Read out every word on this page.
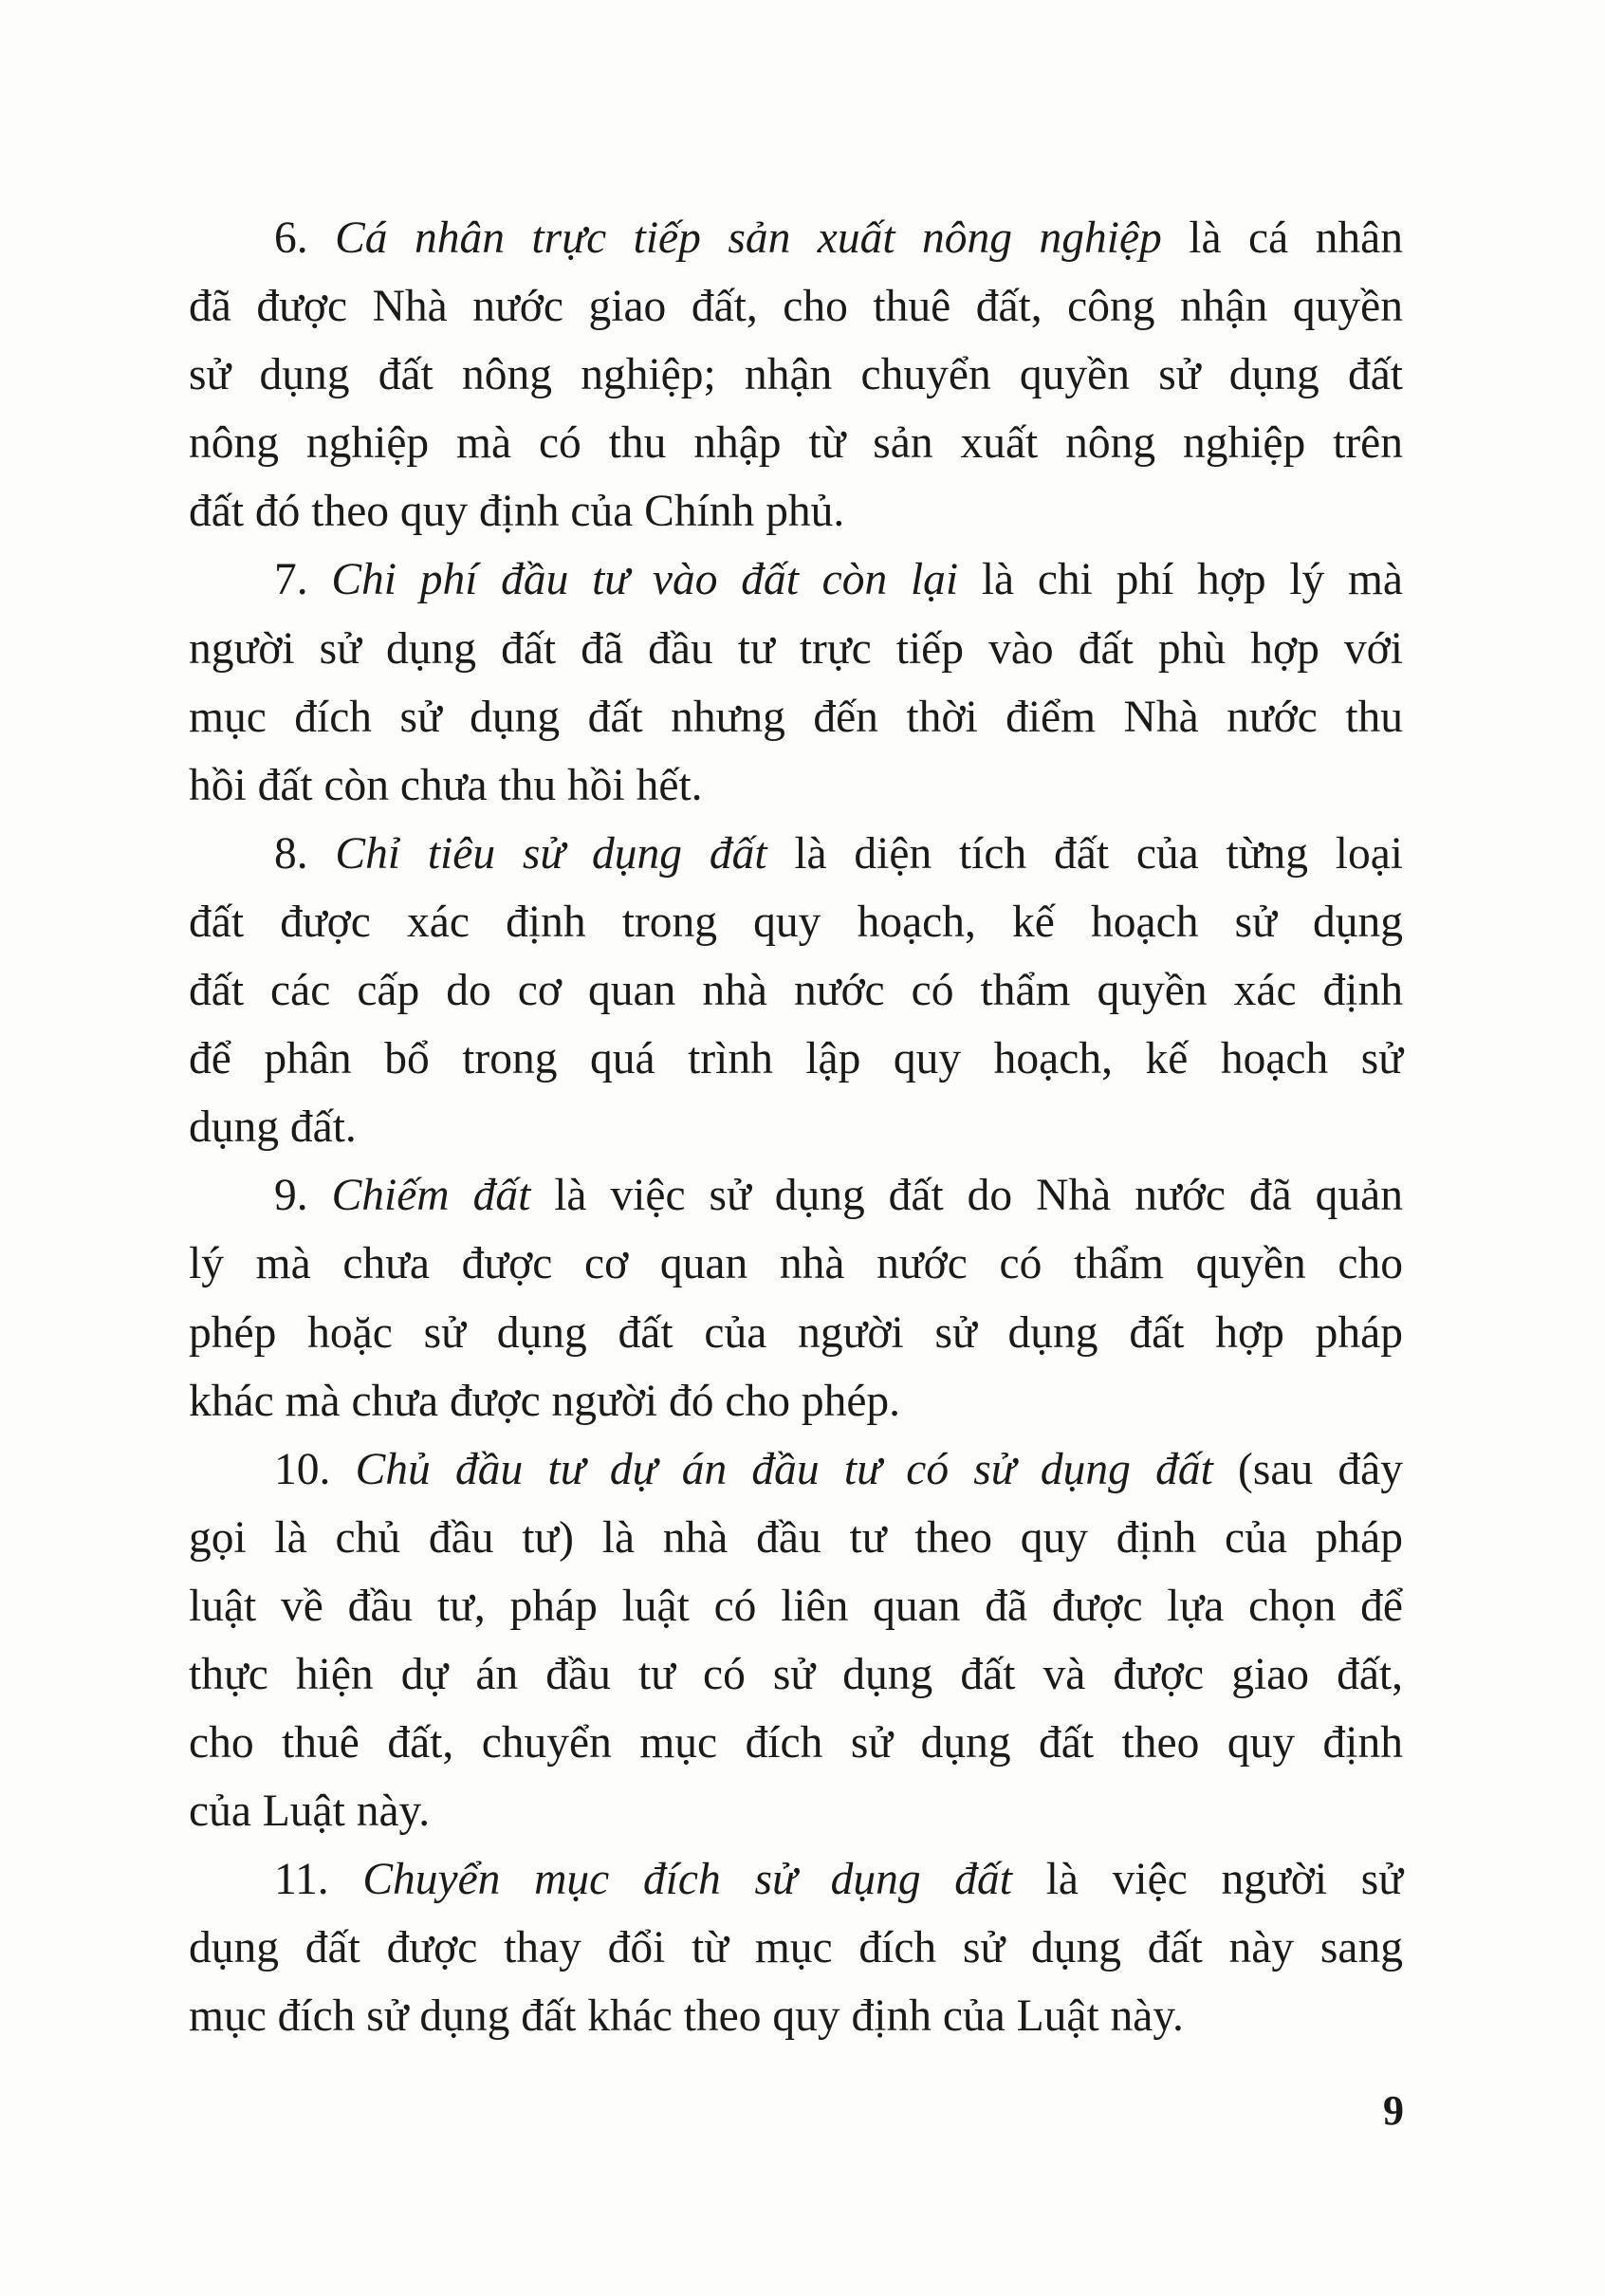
6. Cá nhân trực tiếp sản xuất nông nghiệp là cá nhân
đã được Nhà nước giao đất, cho thuê đất, công nhận quyền
sử dụng đất nông nghiệp; nhận chuyển quyền sử dụng đất
nông nghiệp mà có thu nhập từ sản xuất nông nghiệp trên
đất đó theo quy định của Chính phủ.
7. Chi phí đầu tư vào đất còn lại là chi phí hợp lý mà
người sử dụng đất đã đầu tư trực tiếp vào đất phù hợp với
mục đích sử dụng đất nhưng đến thời điểm Nhà nước thu
hồi đất còn chưa thu hồi hết.
8. Chỉ tiêu sử dụng đất là diện tích đất của từng loại
đất được xác định trong quy hoạch, kế hoạch sử dụng
đất các cấp do cơ quan nhà nước có thẩm quyền xác định
để phân bổ trong quá trình lập quy hoạch, kế hoạch sử
dụng đất.
9. Chiếm đất là việc sử dụng đất do Nhà nước đã quản
lý mà chưa được cơ quan nhà nước có thẩm quyền cho
phép hoặc sử dụng đất của người sử dụng đất hợp pháp
khác mà chưa được người đó cho phép.
10. Chủ đầu tư dự án đầu tư có sử dụng đất (sau đây
gọi là chủ đầu tư) là nhà đầu tư theo quy định của pháp
luật về đầu tư, pháp luật có liên quan đã được lựa chọn để
thực hiện dự án đầu tư có sử dụng đất và được giao đất,
cho thuê đất, chuyển mục đích sử dụng đất theo quy định
của Luật này.
11. Chuyển mục đích sử dụng đất là việc người sử
dụng đất được thay đổi từ mục đích sử dụng đất này sang
mục đích sử dụng đất khác theo quy định của Luật này.
9
